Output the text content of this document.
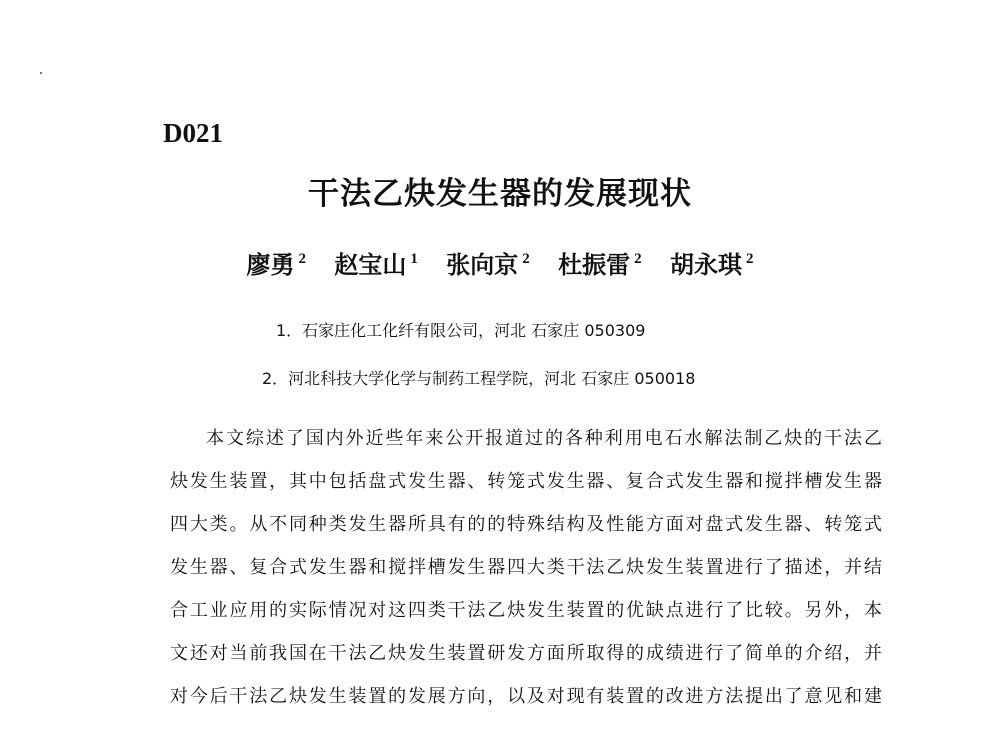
D021
干法乙炔发生器的发展现状
廖勇 $^2$ 赵宝山 $^1$ 张向京 $^2$ 杜振雷 $^2$ 胡永琪 $^2$
1．石家庄化工化纤有限公司，河北 石家庄 050309
2．河北科技大学化学与制药工程学院，河北 石家庄 050018
本文综述了国内外近些年来公开报道过的各种利用电石水解法制乙炔的干法乙
炔发生装置，其中包括盘式发生器、转笼式发生器、复合式发生器和搅拌槽发生器
四大类。从不同种类发生器所具有的的特殊结构及性能方面对盘式发生器、转笼式
发生器、复合式发生器和搅拌槽发生器四大类干法乙炔发生装置进行了描述，并结
合工业应用的实际情况对这四类干法乙炔发生装置的优缺点进行了比较。另外，本
文还对当前我国在干法乙炔发生装置研发方面所取得的成绩进行了简单的介绍，并
对今后干法乙炔发生装置的发展方向，以及对现有装置的改进方法提出了意见和建
